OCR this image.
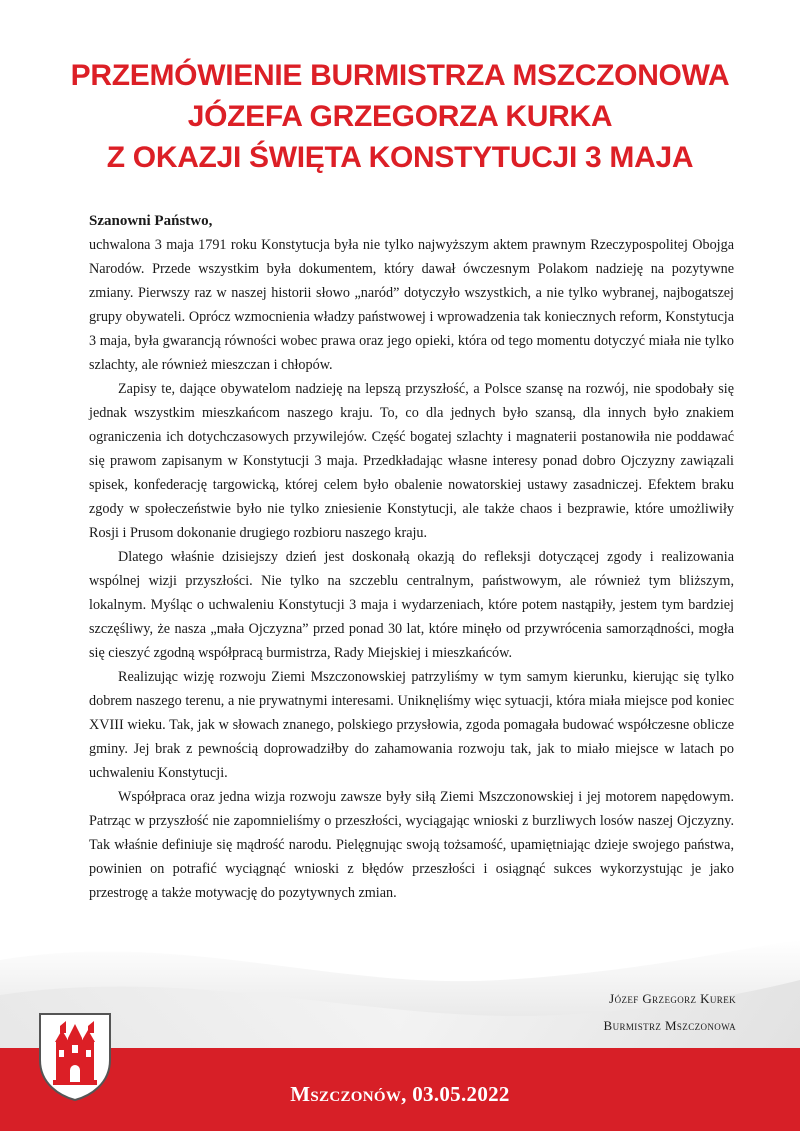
PRZEMÓWIENIE BURMISTRZA MSZCZONOWA
JÓZEFA GRZEGORZA KURKA
Z OKAZJI ŚWIĘTA KONSTYTUCJI 3 MAJA
Szanowni Państwo,

uchwalona 3 maja 1791 roku Konstytucja była nie tylko najwyższym aktem prawnym Rzeczypospolitej Obojga Narodów. Przede wszystkim była dokumentem, który dawał ówczesnym Polakom nadzieję na pozytywne zmiany. Pierwszy raz w naszej historii słowo „naród” dotyczyło wszystkich, a nie tylko wybranej, najbogatszej grupy obywateli. Oprócz wzmocnienia władzy państwowej i wprowadzenia tak koniecznych reform, Konstytucja 3 maja, była gwarancją równości wobec prawa oraz jego opieki, która od tego momentu dotyczyć miała nie tylko szlachty, ale również mieszczan i chłopów.

Zapisy te, dające obywatelom nadzieję na lepszą przyszłość, a Polsce szansę na rozwój, nie spodobały się jednak wszystkim mieszkańcom naszego kraju. To, co dla jednych było szansą, dla innych było znakiem ograniczenia ich dotychczasowych przywilejów. Część bogatej szlachty i magnaterii postanowiła nie poddawać się prawom zapisanym w Konstytucji 3 maja. Przedkładając własne interesy ponad dobro Ojczyzny zawiązali spisek, konfederację targowicką, której celem było obalenie nowatorskiej ustawy zasadniczej. Efektem braku zgody w społeczeństwie było nie tylko zniesienie Konstytucji, ale także chaos i bezprawie, które umożliwiły Rosji i Prusom dokonanie drugiego rozbioru naszego kraju.

Dlatego właśnie dzisiejszy dzień jest doskonałą okazją do refleksji dotyczącej zgody i realizowania wspólnej wizji przyszłości. Nie tylko na szczeblu centralnym, państwowym, ale również tym bliższym, lokalnym. Myśląc o uchwaleniu Konstytucji 3 maja i wydarzeniach, które potem nastąpiły, jestem tym bardziej szczęśliwy, że nasza „mała Ojczyzna” przed ponad 30 lat, które minęło od przywrócenia samorządności, mogła się cieszyć zgodną współpracą burmistrza, Rady Miejskiej i mieszkańców.

Realizując wizję rozwoju Ziemi Mszczonowskiej patrzyliśmy w tym samym kierunku, kierując się tylko dobrem naszego terenu, a nie prywatnymi interesami. Uniknęliśmy więc sytuacji, która miała miejsce pod koniec XVIII wieku. Tak, jak w słowach znanego, polskiego przysłowia, zgoda pomagała budować współczesne oblicze gminy. Jej brak z pewnością doprowadziłby do zahamowania rozwoju tak, jak to miało miejsce w latach po uchwaleniu Konstytucji.

Współpraca oraz jedna wizja rozwoju zawsze były siłą Ziemi Mszczonowskiej i jej motorem napędowym. Patrząc w przyszłość nie zapomnieliśmy o przeszłości, wyciągając wnioski z burzliwych losów naszej Ojczyzny. Tak właśnie definiuje się mądrość narodu. Pielęgnując swoją tożsamość, upamiętniając dzieje swojego państwa, powinien on potrafić wyciągnąć wnioski z błędów przeszłości i osiągnąć sukces wykorzystując je jako przestrogę a także motywację do pozytywnych zmian.

Józef Grzegorz Kurek
Burmistrz Mszczonowa
Mszczonów, 03.05.2022
